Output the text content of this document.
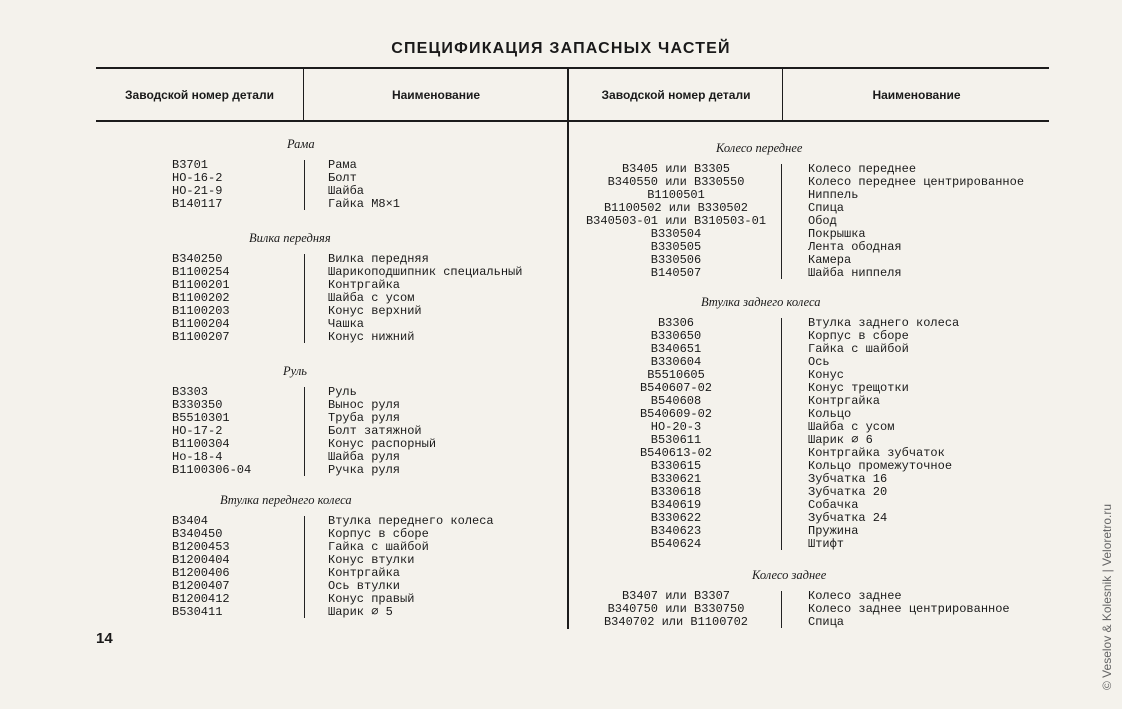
СПЕЦИФИКАЦИЯ ЗАПАСНЫХ ЧАСТЕЙ
Заводской номер детали	Наименование	Заводской номер детали	Наименование
Рама
B3701	Рама
НО-16-2	Болт
НО-21-9	Шайба
B140117	Гайка М8×1
Вилка передняя
B340250	Вилка передняя
B1100254	Шарикоподшипник специальный
B1100201	Контргайка
B1100202	Шайба с усом
B1100203	Конус верхний
B1100204	Чашка
B1100207	Конус нижний
Руль
B3303	Руль
B330350	Вынос руля
B5510301	Труба руля
НО-17-2	Болт затяжной
B1100304	Конус распорный
Но-18-4	Шайба руля
B1100306-04	Ручка руля
Втулка переднего колеса
B3404	Втулка переднего колеса
B340450	Корпус в сборе
B1200453	Гайка с шайбой
B1200404	Конус втулки
B1200406	Контргайка
B1200407	Ось втулки
B1200412	Конус правый
B530411	Шарик ⌀ 5
Колесо переднее
B3405 или B3305	Колесо переднее
B340550 или B330550	Колесо переднее центрированное
B1100501	Ниппель
B1100502 или B330502	Спица
B340503-01 или B310503-01	Обод
B330504	Покрышка
B330505	Лента ободная
B330506	Камера
B140507	Шайба ниппеля
Втулка заднего колеса
B3306	Втулка заднего колеса
B330650	Корпус в сборе
B340651	Гайка с шайбой
B330604	Ось
B5510605	Конус
B540607-02	Конус трещотки
B540608	Контргайка
B540609-02	Кольцо
НО-20-3	Шайба с усом
B530611	Шарик ⌀ 6
B540613-02	Контргайка зубчаток
B330615	Кольцо промежуточное
B330621	Зубчатка 16
B330618	Зубчатка 20
B340619	Собачка
B330622	Зубчатка 24
B340623	Пружина
B540624	Штифт
Колесо заднее
B3407 или B3307	Колесо заднее
B340750 или B330750	Колесо заднее центрированное
B340702 или B1100702	Спица
14	© Veselov & Kolesnik | Veloretro.ru
